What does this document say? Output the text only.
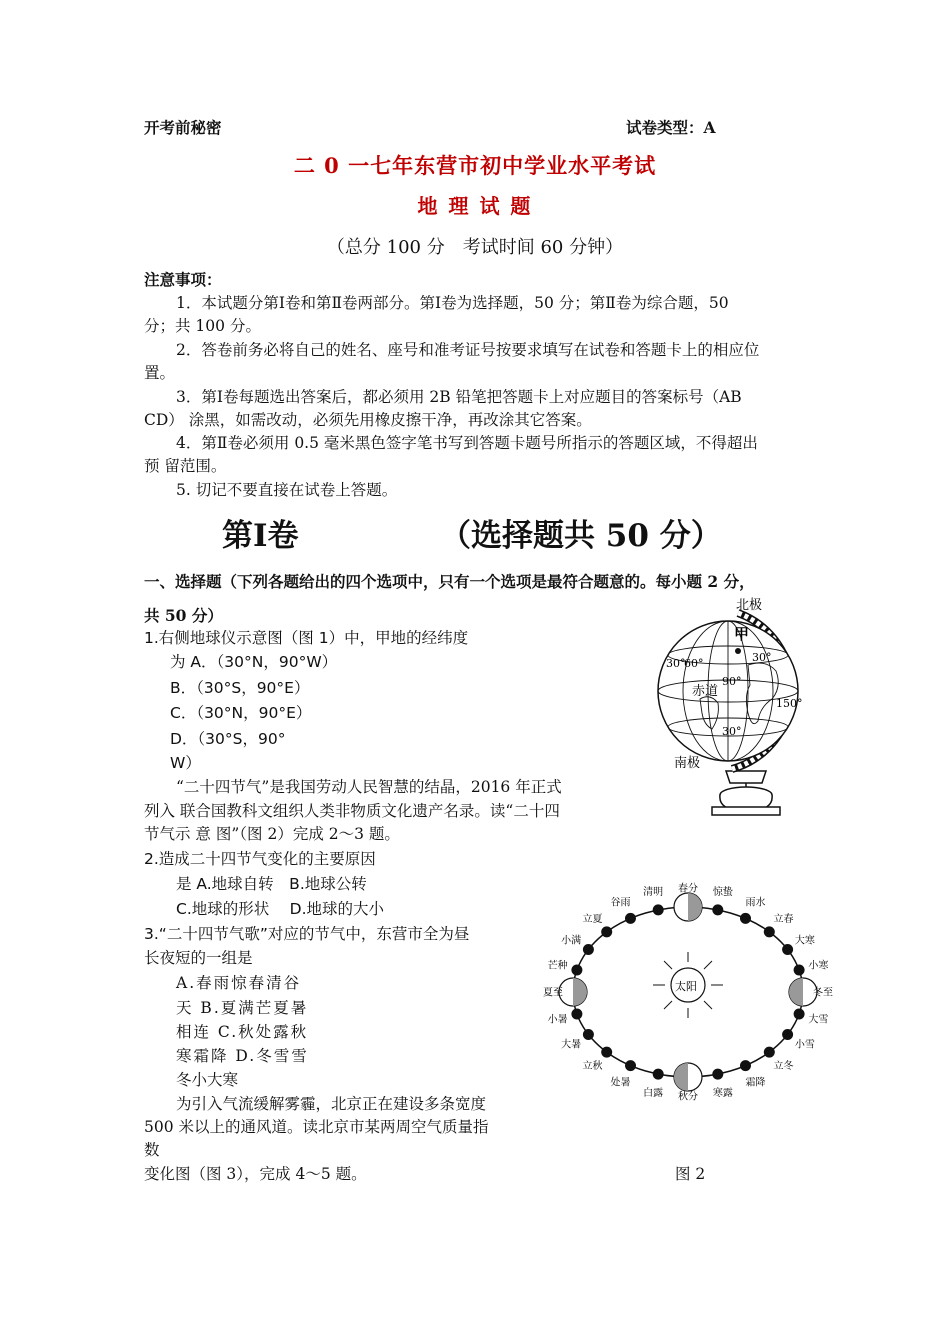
开考前秘密	试卷类型：A
二 0 一七年东营市初中学业水平考试
地 理 试 题
（总分 100 分　考试时间 60 分钟）
注意事项：
1．本试题分第Ⅰ卷和第Ⅱ卷两部分。第Ⅰ卷为选择题，50 分；第Ⅱ卷为综合题，50
分；共 100 分。
2．答卷前务必将自己的姓名、座号和准考证号按要求填写在试卷和答题卡上的相应位
置。
3．第Ⅰ卷每题选出答案后，都必须用 2B 铅笔把答题卡上对应题目的答案标号（AB
CD） 涂黑，如需改动，必须先用橡皮擦干净，再改涂其它答案。
4．第Ⅱ卷必须用 0.5 毫米黑色签字笔书写到答题卡题号所指示的答题区域，不得超出
预 留范围。
5. 切记不要直接在试卷上答题。
第Ⅰ卷	（选择题共 50 分）
一、选择题（下列各题给出的四个选项中，只有一个选项是最符合题意的。每小题 2 分，
共 50 分）
1.右侧地球仪示意图（图 1）中，甲地的经纬度
为 A．（30°N，90°W）
B．（30°S，90°E）
C．（30°N，90°E）
D．（30°S，90°
W）
“二十四节气”是我国劳动人民智慧的结晶，2016 年正式
列入 联合国教科文组织人类非物质文化遗产名录。读“二十四
节气示 意 图”（图 2）完成 2～3 题。
2.造成二十四节气变化的主要原因
是 A.地球自转　B.地球公转
C.地球的形状　 D.地球的大小
3.“二十四节气歌”对应的节气中，东营市全为昼
长夜短的一组是
A.春雨惊春清谷
天 B.夏满芒夏暑
相连 C.秋处露秋
寒霜降 D.冬雪雪
冬小大寒
为引入气流缓解雾霾，北京正在建设多条宽度
500 米以上的通风道。读北京市某两周空气质量指
数
变化图（图 3），完成 4～5 题。	图 2
甲
北极
南极
赤道
30°
60°	30°
90°
150°
30°
太阳
春分 惊蛰
雨水
立春
大寒
小寒
冬至
大雪
小雪
立冬
霜降
寒露
秋分
白露
处暑
立秋
大暑
小暑
夏至
芒种
小满
立夏
谷雨
清明
